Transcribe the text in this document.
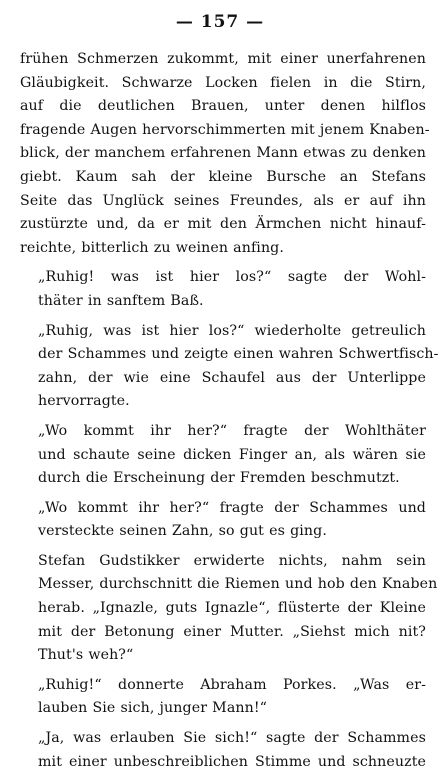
— 157 —

frühen Schmerzen zukommt, mit einer unerfahrenen
Gläubigkeit. Schwarze Locken fielen in die Stirn,
auf die deutlichen Brauen, unter denen hilflos
fragende Augen hervorschimmerten mit jenem Knaben-
blick, der manchem erfahrenen Mann etwas zu denken
giebt. Kaum sah der kleine Bursche an Stefans
Seite das Unglück seines Freundes, als er auf ihn
zustürzte und, da er mit den Ärmchen nicht hinauf-
reichte, bitterlich zu weinen anfing.

„Ruhig! was ist hier los?“ sagte der Wohl-
thäter in sanftem Baß.

„Ruhig, was ist hier los?“ wiederholte getreulich
der Schammes und zeigte einen wahren Schwertfisch-
zahn, der wie eine Schaufel aus der Unterlippe
hervorragte.

„Wo kommt ihr her?“ fragte der Wohlthäter
und schaute seine dicken Finger an, als wären sie
durch die Erscheinung der Fremden beschmutzt.

„Wo kommt ihr her?“ fragte der Schammes und
versteckte seinen Zahn, so gut es ging.

Stefan Gudstikker erwiderte nichts, nahm sein
Messer, durchschnitt die Riemen und hob den Knaben
herab. „Ignazle, guts Ignazle“, flüsterte der Kleine
mit der Betonung einer Mutter. „Siehst mich nit?
Thut's weh?“

„Ruhig!“ donnerte Abraham Porkes. „Was er-
lauben Sie sich, junger Mann!“

„Ja, was erlauben Sie sich!“ sagte der Schammes
mit einer unbeschreiblichen Stimme und schneuzte
